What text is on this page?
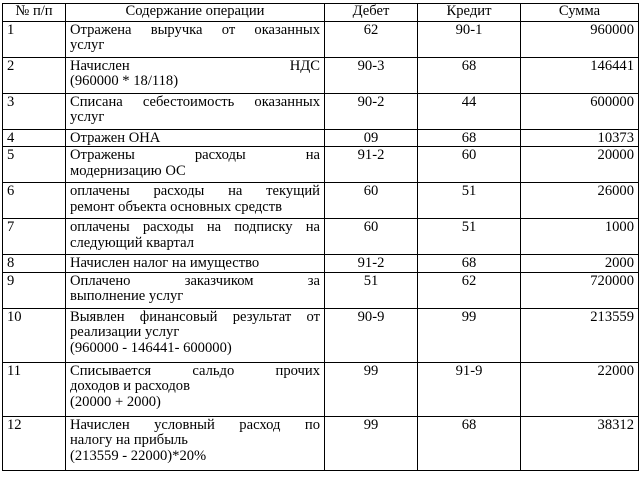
№ п/п	Содержание операции	Дебет	Кредит	Сумма
1	Отражена выручка от оказанных
услуг	62	90-1	960000
2	Начислен НДС
(960000 * 18/118)	90-3	68	146441
3	Списана себестоимость оказанных
услуг	90-2	44	600000
4	Отражен ОНА	09	68	10373
5	Отражены расходы на
модернизацию ОС	91-2	60	20000
6	оплачены расходы на текущий
ремонт объекта основных средств	60	51	26000
7	оплачены расходы на подписку на
следующий квартал	60	51	1000
8	Начислен налог на имущество	91-2	68	2000
9	Оплачено заказчиком за
выполнение услуг	51	62	720000
10	Выявлен финансовый результат от
реализации услуг
(960000 - 146441- 600000)	90-9	99	213559
11	Списывается сальдо прочих
доходов и расходов
(20000 + 2000)	99	91-9	22000
12	Начислен условный расход по
налогу на прибыль
(213559 - 22000)*20%	99	68	38312
